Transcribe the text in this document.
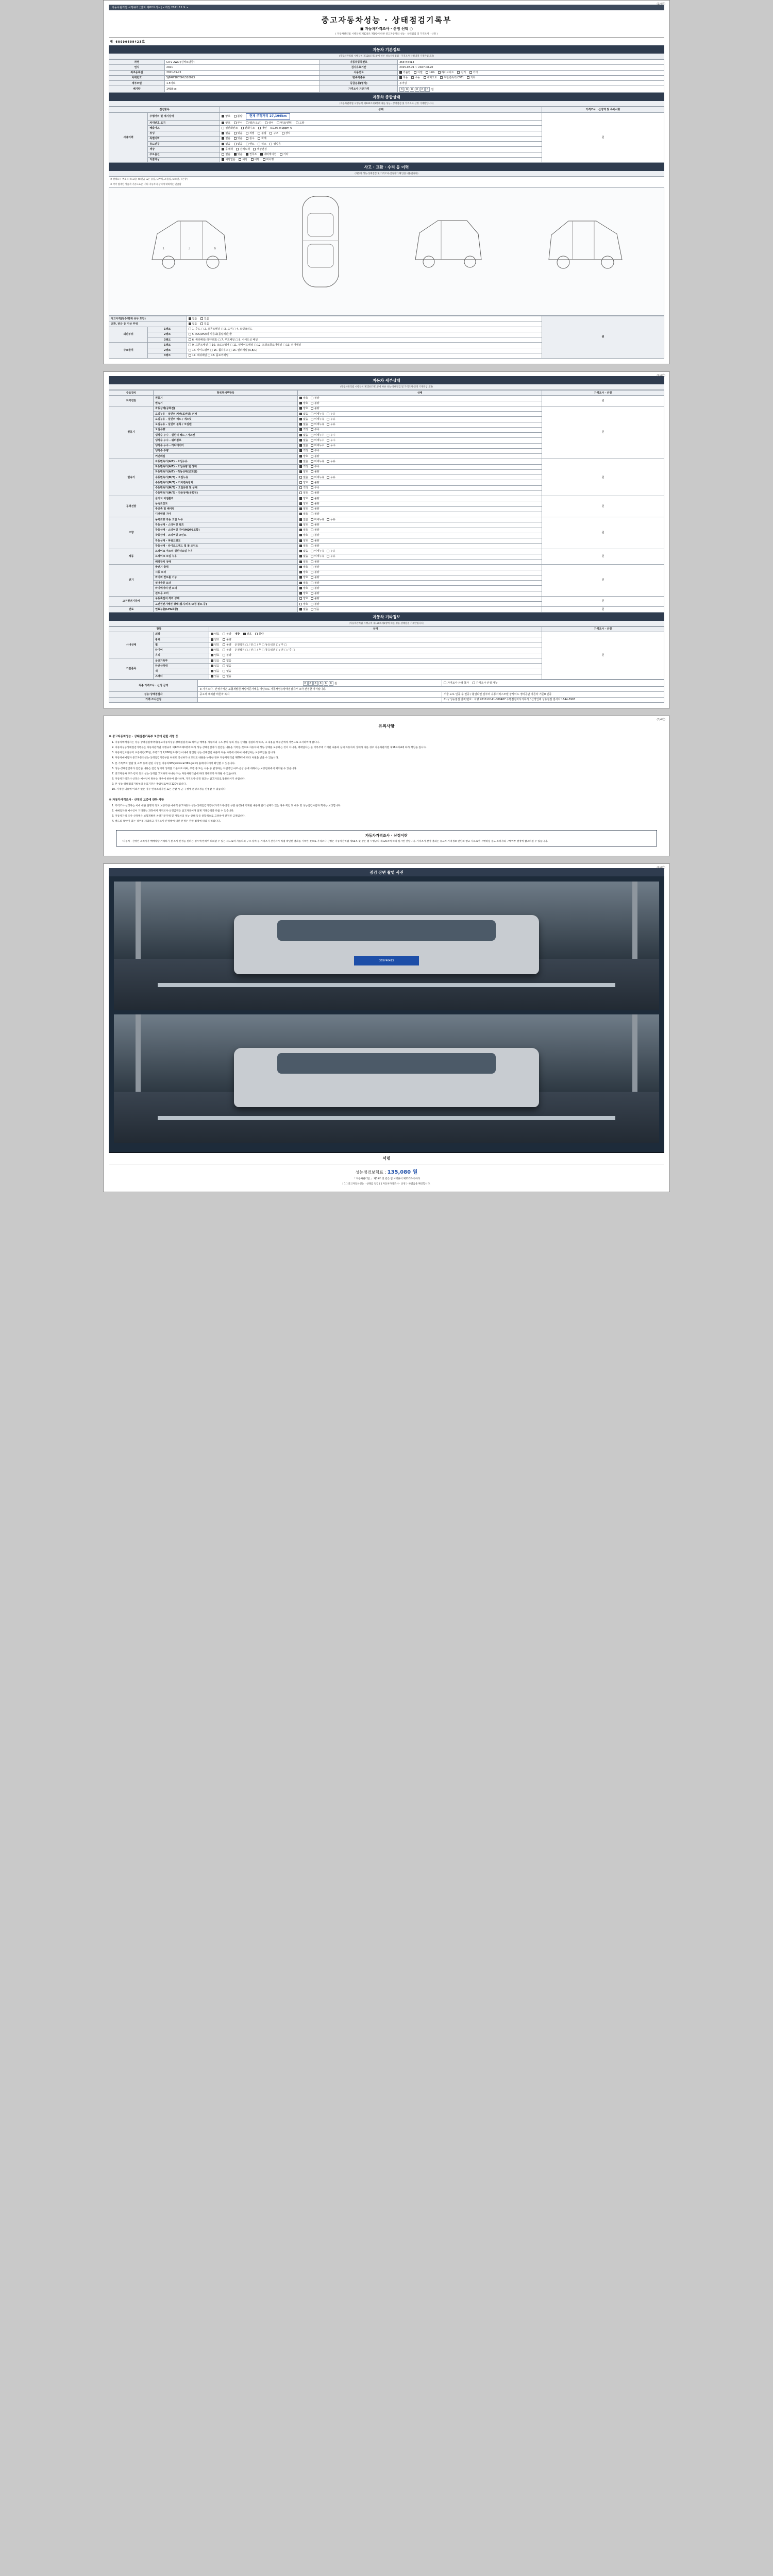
(1/4면)
자동차관리법 시행규칙 [별지 제82호서식] <개정 2021.11.9.>
중고자동차성능 · 상태점검기록부
■ 자동차가격조사 · 산정 선택 ○
( 자동차관리법 시행규칙 제120조 제1항에 따른 중고자동차의 성능 · 상태점검 및 가격조사 · 산정 )
제 60000609423호
자동차 기본정보
(자동차관리법 시행규칙 제120조제1항에 따른 성능상태점검 · 가격조사 산정내역 기재란입니다)
차명	CR-V 2WD (신차모델급)	자동차등록번호	365T46413
연식	2021	검사유효기간	2025-08-21 ~ 2027-08-20
최초등록일	2021-05-21	사용연료	가솔린 디젤 LPG 하이브리드 전기 기타
차대번호	5J6RW1H70ML520093	변속기종류	자동 수동 세미오토 무단변속기(CVT) 기타
세부모델	1.5터보	등급분류(형식)	투어링
배기량	1498 cc	가격조사 기준가격	0 0 0 0 0 0 원
자동차 종합상태
(자동차관리법 시행규칙 제120조제1항에 따른 성능 · 상태점검 및 가격조사 산정 기재란입니다)
점검항목		상태	가격조사 · 산정액 및 특기사항
사용이력	주행거리 및 계기상태	양호 불량 현재 주행거리 27,199km	원
	차대번호 표기	양호 부식 훼손(오손) 상이 변조(변형) 도말	
	배출가스	일산화탄소 탄화수소 매연 0.02% 0.0ppm %	
	튜닝	없음 있음 적법 불법 구조 장치	
	특별이력	없음 있음 침수 화재	
	용도변경	없음 있음 렌트 리스 영업용	
	색상	무채색 전체도색 색상변경	
	주요옵션	없음 있음 썬루프 내비게이션 기타	
	리콜대상	해당없음 해당 이행 미이행	
사고 · 교환 · 수리 등 이력
(자동차 성능·상태점검 및 가격조사·산정자가 확인한 내용입니다)
※ 상태표시 부호 : ( X:교환, W:판금 또는 용접, C:부식, A:흠집, U:요철, T:손상 )
※ 각각 탑재된 상품적 기준으로만, 기타 자동차의 상태에 대하여는 언급함
1	3	6
사고이력(침수/화재 유무 포함)		없음 있음	원
교환, 판금 등 이상 부위		없음 있음	
외판부위	1랭크	1. 후드 □ 2. 프론트휀더 □ 3. 도어 □ 4. 트렁크리드	
	2랭크	5. (OC/WO)라 사용최(틀림레판)물	
	3랭크	6. 쿼터패널(리어휀더) □ 7. 루프패널 □ 8. 사이드실 패널	
주요골격	1랭크	9. 프론트패널 □ 10. 크로스멤버 □ 11. 인사이드패널 □ 12. 트렁크플로어패널 □ 13. 리어패널	
	2랭크	14. 사이드멤버 □ 15. 휠하우스 □ 16. 필러패널 (A,B,C)	
	3랭크	17. 대쉬패널 □ 18. 플로어패널	
(2/4면)
자동차 세부상태
(자동차관리법 시행규칙 제120조제1항에 따른 성능·상태점검 및 가격조사·산정 기재란입니다)
주요장치	항목명세부항목	상태	가격조사 · 산정
자기진단	원동기	양호 불량	원
	변속기	양호 불량	
원동기	작동상태(공회전)	양호 불량	원
	오일누유 - 실린더 커버(로커암) 커버	없음 미세누유 누유	
	오일누유 - 실린더 헤드 / 개스킷	없음 미세누유 누유	
	오일누유 - 실린더 블록 / 오일팬	없음 미세누유 누유	
	오일유량	적정 부족	
	냉각수 누수 - 실린더 헤드 / 가스켓	없음 미세누수 누수	
	냉각수 누수 - 워터펌프	없음 미세누수 누수	
	냉각수 누수 - 라디에이터	없음 미세누수 누수	
	냉각수 수량	적정 부족	
	커먼레일	양호 불량	
변속기	자동변속기(A/T) - 오일누유	없음 미세누유 누유	원
	자동변속기(A/T) - 오일유량 및 상태	적정 부족	
	자동변속기(A/T) - 작동상태(공회전)	양호 불량	
	수동변속기(M/T) - 오일누유	없음 미세누유 누유	
	수동변속기(M/T) - 기어변속장치	양호 불량	
	수동변속기(M/T) - 오일유량 및 상태	적정 부족	
	수동변속기(M/T) - 작동상태(공회전)	양호 불량	
동력전달	클러치 어셈블리	양호 불량	원
	등속조인트	양호 불량	
	추진축 및 베어링	양호 불량	
	디퍼렌셜 기어	양호 불량	
조향	동력조향 작동 오일 누유	없음 미세누유 누유	원
	작동상태 - 스티어링 펌프	양호 불량	
	작동상태 - 스티어링 기어(MDPS포함)	양호 불량	
	작동상태 - 스티어링 조인트	양호 불량	
	작동상태 - 파워크랭크	양호 불량	
	작동상태 - 타이로드엔드 및 볼 조인트	양호 불량	
제동	브레이크 마스터 실린더오일 누유	없음 미세누유 누유	원
	브레이크 오일 누유	없음 미세누유 누유	
	배력장치 상태	양호 불량	
전기	발전기 출력	양호 불량	원
	시동 모터	양호 불량	
	와이퍼 컨트롤 기능	양호 불량	
	실내송풍 모터	양호 불량	
	라디에이터 팬 모터	양호 불량	
	윈도우 모터	양호 불량	
고전원전기장치	구동축전지 격리 상태	양호 불량	원
	고전원전기배선 상태(접지/피복/고정 볼트 등)	양호 불량	
연료	연료누출(LPG포함)	없음 있음	원
자동차 기타정보
(자동차관리법 시행규칙 제120조제1항에 따른 성능·상태점검 기재란입니다)
항목		상태	가격조사 · 산정
사내상태	외장	양호 불량 내장 양호 불량	원
	광택	양호 불량	
	휠	양호 불량 운전석전 □ / 전 □ / 후 □ 동승석전 □ / 후 □	
	타이어	양호 불량 운전석전 □ / 전 □ / 후 □ 동승석전 □ / 전 □ / 후 □	
	유리	양호 불량	
기본품목	운전기록부	있음 없음	
	안전삼각대	있음 없음	
	잭	있음 없음	
	스패너	있음 없음	
최종 가격조사 · 산정 금액	0 0 0 0 0 0 원	가격조사·산정 불가 가격조사·산정 가능
	※ 가격조사 · 산정가격은 보험개발원 차량기준가액을 바탕으로 자동차성능상태점검자가 조사·산정한 가격입니다.	
성능·상태점검자	중고차 캐피탈 바른차 복지	서울 도로 인중 수 인증 / 휠얼라인 일부의 유통서비스모델 강사이드 정비공단 바른차 기준0 인증
가격·조사산정		CU / 성능점검 날짜/번호 : 차량 2017-02-41-009487 수행점검자서기록기 / 산정인에 성능점검 검사자 1644-3903
(3/4면)
유의사항
※ 중고자동차성능 · 상태점검기록부 보증에 관한 사항 등

1. 자동차매매업자는 성능·상태점검계약자(중고자동차성능·상태점검자)로 하여금 매매용 자동차의 구조·장치 등의 성능·상태를 점검하게 하고, 그 내용을 매수인에게 서면으로 고지하여야 합니다.

2. 자동차성능상태점검기록부는 자동차관리법 시행규칙 제120조제1항에 따라 성능·상태점검자가 점검한 내용을 기록한 것으로 자동차의 성능·상태를 보증하는 것이 아니며, 매매업자는 본 기록부에 기재된 내용과 실제 자동차의 상태가 다른 경우 자동차관리법 제58조의4에 따라 책임을 집니다.

3. 자동차인도일부터 보증기간(30일, 주행거리 2,000킬로미터) 이내에 발견된 성능·상태점검 내용과 다른 사항에 대하여 매매업자는 보증책임을 집니다.

4. 자동차매매업자 중고자동차성능·상태점검기록부를 허위로 작성하거나 고의로 내용을 누락한 경우 자동차관리법 제80조에 따라 처벌을 받을 수 있습니다.

5. 본 기록부의 열람 및 교부 등에 관한 사항은 자동차365(www.car365.go.kr) 홈페이지에서 확인할 수 있습니다.

6. 성능·상태점검자가 점검한 내용은 점검 당시의 상태를 기준으로 하며, 주행 중 또는 사용 중 발생하는 자연적인 마모·손상 등에 대해서는 보증범위에서 제외될 수 있습니다.

7. 중고자동차 구조·장치 등의 성능·상태를 고지하지 아니한 자는 자동차관리법에 따라 과태료가 부과될 수 있습니다.

8. 자동차가격조사·산정은 매수인이 원하는 경우에 한하여 실시하며, 가격조사·산정 결과는 참고자료로 활용하시기 바랍니다.

9. 본 성능·상태점검기록부의 유효기간은 발급일로부터 120일입니다.

10. 기재된 내용에 이의가 있는 경우 한국소비자원 또는 관할 시·군·구청에 분쟁조정을 신청할 수 있습니다.

※ 자동차가격조사 · 산정의 보증에 관한 사항

1. 가격조사·산정자는 이에 대한 설명의 정도 보증기한 마세적 중고자동차 성능·상태점검기록부(가격조사·산정 부분 한정)에 기재된 내용과 달리 실제가 있는 경우 책임 및 매수 및 성능점검사업자 회사는 보상합니다.

2. 매매업자와 매수인이 거래하는 과정에서 가격조사·산정금액은 참고자료이며 실제 거래금액과 다를 수 있습니다.

3. 자동차가격 조사·산정액은 보험개발원 차량기준가액 및 자동차의 성능·상태 등을 종합적으로 고려하여 산정된 금액입니다.

4. 별도의 특약이 있는 경우를 제외하고 가격조사·산정액에 대한 분쟁은 관련 법령에 따라 처리됩니다.

자동차가격조사 · 산정이란
「자동차 · 산정인 소비자가 매매차량 거래하기 전 조사 산정을 원하는 경우에 한하여 의뢰할 수 있는 제도로써 자동차의 구조·장치 등 가격조사·산정자가 직접 확인한 결과를 기록한 것으로 가격조사·산정은 자동차관리법 제58조 및 같은 법 시행규칙 제120조에 따라 실시한 것입니다. 가격조사·산정 결과는 중고차 가격정보 판단의 참고 자료로서 구매하실 필요 소비자의 구매여부 결정에 참고하실 수 있습니다.
(4/4면)
점검 장면 촬영 사진
365Y46413
서명
성능점검보험료 : 135,080 원
「 자동차관리법 」 제58조 및 같은 법 시행규칙 제120조에 따라
[ 1 ] 중고자동차성능 · 상태를 점검 [ ] 자동차가격조사 · 산정 } 하였음을 확인합니다.
